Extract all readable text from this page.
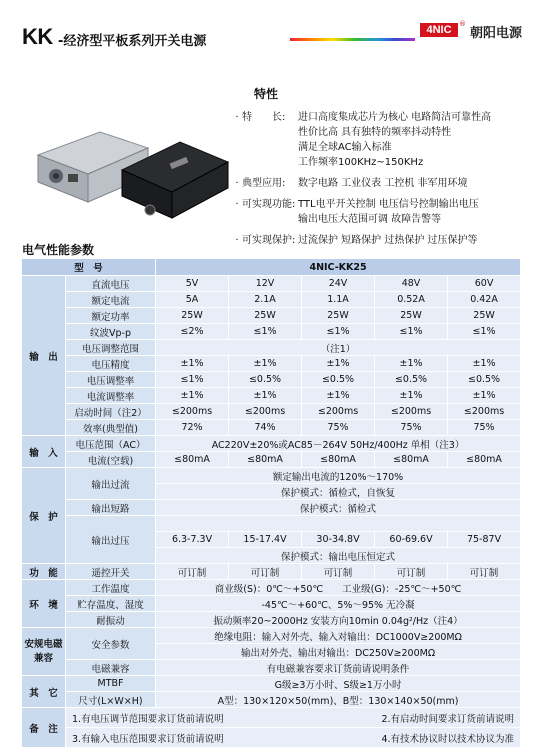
KK -经济型平板系列开关电源
4NIC	®
朝阳电源
特性
· 特　　长:	进口高度集成芯片为核心 电路简洁可靠性高
性价比高 具有独特的频率抖动特性
满足全球AC输入标准
工作频率100KHz~150KHz
· 典型应用:	数字电路 工业仪表 工控机 非军用环境
· 可实现功能: TTL电平开关控制 电压信号控制输出电压
输出电压大范围可调 故障告警等
· 可实现保护: 过流保护 短路保护 过热保护 过压保护等
电气性能参数
型　号		4NIC-KK25				
输　出	直流电压	5V	12V	24V	48V	60V
	额定电流	5A	2.1A	1.1A	0.52A	0.42A
	额定功率	25W	25W	25W	25W	25W
	纹波Vp-p	≤2%	≤1%	≤1%	≤1%	≤1%
	电压调整范围	（注1）				
	电压精度	±1%	±1%	±1%	±1%	±1%
	电压调整率	≤1%	≤0.5%	≤0.5%	≤0.5%	≤0.5%
	电流调整率	±1%	±1%	±1%	±1%	±1%
	启动时间（注2）	≤200ms	≤200ms	≤200ms	≤200ms	≤200ms
	效率(典型值)	72%	74%	75%	75%	75%
输　入	电压范围（AC）	AC220V±20%或AC85－264V 50Hz/400Hz 单相（注3）				
	电流(空载)	≤80mA	≤80mA	≤80mA	≤80mA	≤80mA
保　护	输出过流	额定输出电流的120%～170%				
		保护模式：循检式，自恢复				
	输出短路	保护模式：循检式				
	输出过压					
		6.3-7.3V	15-17.4V	30-34.8V	60-69.6V	75-87V
		保护模式：输出电压恒定式				
功　能	遥控开关	可订制	可订制	可订制	可订制	可订制
环　境	工作温度	商业级(S)：0℃～+50℃　　工业级(G)：-25℃～+50℃				
	贮存温度、湿度	-45℃～+60℃、5%～95% 无冷凝				
	耐振动	振动频率20~2000Hz 安装方向10min 0.04g²/Hz（注4）				
安规电磁兼容	安全参数	绝缘电阻：输入对外壳、输入对输出：DC1000V≥200MΩ				
		输出对外壳、输出对输出：DC250V≥200MΩ				
	电磁兼容	有电磁兼容要求订货前请说明条件				
其　它	MTBF	G级≥3万小时、S级≥1万小时				
	尺寸(L×W×H)	A型：130×120×50(mm)、B型：130×140×50(mm)				
备　注	1.有电压调节范围要求订货前请说明 2.有启动时间要求订货前请说明					

	3.有输入电压范围要求订货前请说明 4.有技术协议时以技术协议为准					
